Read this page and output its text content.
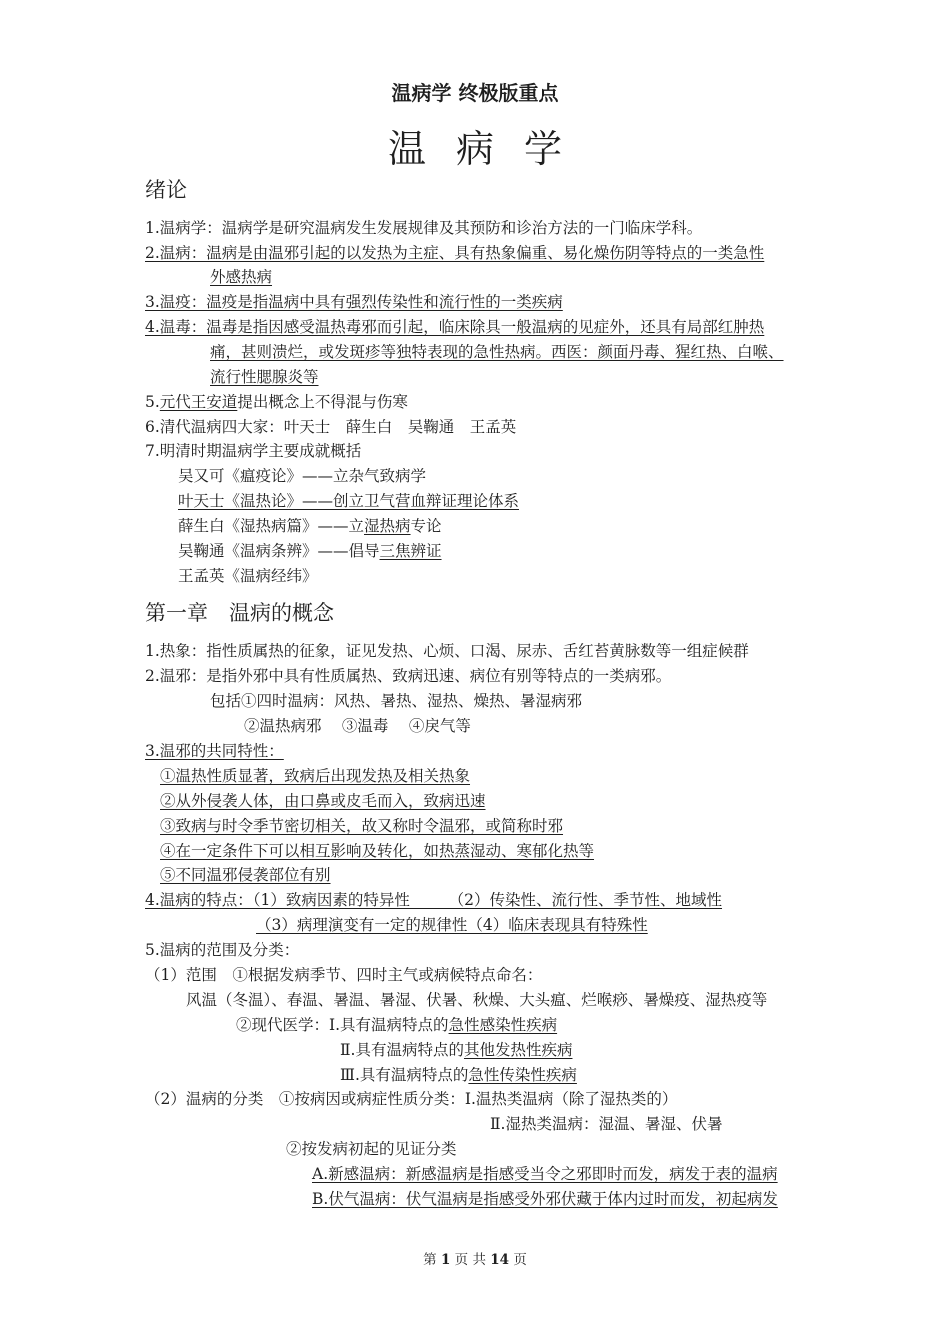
温病学 终极版重点
温病学
绪论
1.温病学：温病学是研究温病发生发展规律及其预防和诊治方法的一门临床学科。
2.温病：温病是由温邪引起的以发热为主症、具有热象偏重、易化燥伤阴等特点的一类急性
外感热病
3.温疫：温疫是指温病中具有强烈传染性和流行性的一类疾病
4.温毒：温毒是指因感受温热毒邪而引起，临床除具一般温病的见症外，还具有局部红肿热
痛，甚则溃烂，或发斑疹等独特表现的急性热病。西医：颜面丹毒、猩红热、白喉、
流行性腮腺炎等
5.元代王安道提出概念上不得混与伤寒
6.清代温病四大家：叶天士　薛生白　吴鞠通　王孟英
7.明清时期温病学主要成就概括
吴又可《瘟疫论》——立杂气致病学
叶天士《温热论》——创立卫气营血辩证理论体系
薛生白《湿热病篇》——立湿热病专论
吴鞠通《温病条辨》——倡导三焦辨证
王孟英《温病经纬》
第一章　温病的概念
1.热象：指性质属热的征象，证见发热、心烦、口渴、尿赤、舌红苔黄脉数等一组症候群
2.温邪：是指外邪中具有性质属热、致病迅速、病位有别等特点的一类病邪。
包括①四时温病：风热、暑热、湿热、燥热、暑湿病邪
②温热病邪　 ③温毒　 ④戾气等
3.温邪的共同特性：
①温热性质显著，致病后出现发热及相关热象
②从外侵袭人体，由口鼻或皮毛而入，致病迅速
③致病与时令季节密切相关，故又称时令温邪，或简称时邪
④在一定条件下可以相互影响及转化，如热蒸湿动、寒郁化热等
⑤不同温邪侵袭部位有别
4.温病的特点：（1）致病因素的特异性　　　（2）传染性、流行性、季节性、地域性
（3）病理演变有一定的规律性（4）临床表现具有特殊性
5.温病的范围及分类：
（1）范围　①根据发病季节、四时主气或病候特点命名：
风温（冬温）、春温、暑温、暑湿、伏暑、秋燥、大头瘟、烂喉痧、暑燥疫、湿热疫等
②现代医学：Ⅰ.具有温病特点的急性感染性疾病
Ⅱ.具有温病特点的其他发热性疾病
Ⅲ.具有温病特点的急性传染性疾病
（2）温病的分类　①按病因或病症性质分类：Ⅰ.温热类温病（除了湿热类的）
Ⅱ.湿热类温病：湿温、暑湿、伏暑
②按发病初起的见证分类
A.新感温病：新感温病是指感受当令之邪即时而发，病发于表的温病
B.伏气温病：伏气温病是指感受外邪伏藏于体内过时而发，初起病发
第 1 页 共 14 页
